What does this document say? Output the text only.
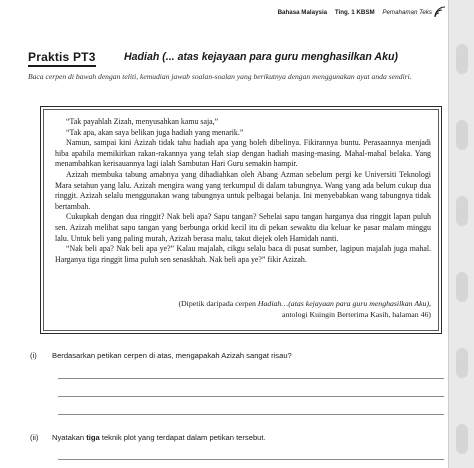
Bahasa Malaysia Ting. 1 KBSM Pemahaman Teks
Praktis PT3	Hadiah (... atas kejayaan para guru menghasilkan Aku)
Baca cerpen di bawah dengan teliti, kemudian jawab soalan-soalan yang berikutnya dengan menggunakan ayat anda sendiri.

“Tak payahlah Zizah, menyusahkan kamu saja,”

“Tak apa, akan saya belikan juga hadiah yang menarik.”

Namun, sampai kini Azizah tidak tahu hadiah apa yang boleh dibelinya. Fikirannya buntu. Perasaannya menjadi hiba apabila memikirkan rakan-rakannya yang telah siap dengan hadiah masing-masing. Mahal-mahal belaka. Yang menambahkan kerisauannya lagi ialah Sambutan Hari Guru semakin hampir.

Azizah membuka tabung amabnya yang dihadiahkan oleh Abang Azman sebelum pergi ke Universiti Teknologi Mara setahun yang lalu. Azizah mengira wang yang terkumpul di dalam tabungnya. Wang yang ada belum cukup dua ringgit. Azizah selalu menggunakan wang tabungnya untuk pelbagai belanja. Ini menyebabkan wang tabungnya tidak bertambah.

Cukupkah dengan dua ringgit? Nak beli apa? Sapu tangan? Sehelai sapu tangan harganya dua ringgit lapan puluh sen. Azizah melihat sapu tangan yang berbunga orkid kecil itu di pekan sewaktu dia keluar ke pasar malam minggu lalu. Untuk beli yang paling murah, Azizah berasa malu, takut diejek oleh Hamidah nanti.

“Nak beli apa? Nak beli apa ye?” Kalau majalah, cikgu selalu baca di pusat sumber, lagipun majalah juga mahal. Harganya tiga ringgit lima puluh sen senaskhah. Nak beli apa ye?” fikir Azizah.

(Dipetik daripada cerpen Hadiah…(atas kejayaan para guru menghasilkan Aku),
antologi Kuingin Berterima Kasih, halaman 46)
(i) Berdasarkan petikan cerpen di atas, mengapakah Azizah sangat risau?
(ii) Nyatakan tiga teknik plot yang terdapat dalam petikan tersebut.
